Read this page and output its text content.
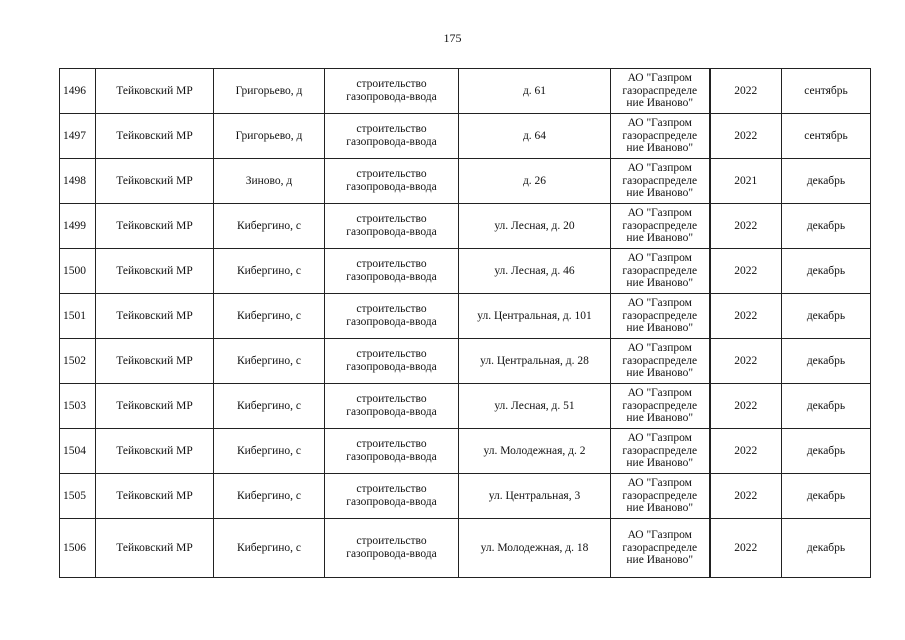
175
1496	Тейковский МР	Григорьево, д	строительство
газопровода-ввода	д. 61	АО "Газпром
газораспределе
ние Иваново"	2022	сентябрь
1497	Тейковский МР	Григорьево, д	строительство
газопровода-ввода	д. 64	АО "Газпром
газораспределе
ние Иваново"	2022	сентябрь
1498	Тейковский МР	Зиново, д	строительство
газопровода-ввода	д. 26	АО "Газпром
газораспределе
ние Иваново"	2021	декабрь
1499	Тейковский МР	Кибергино, с	строительство
газопровода-ввода	ул. Лесная, д. 20	АО "Газпром
газораспределе
ние Иваново"	2022	декабрь
1500	Тейковский МР	Кибергино, с	строительство
газопровода-ввода	ул. Лесная, д. 46	АО "Газпром
газораспределе
ние Иваново"	2022	декабрь
1501	Тейковский МР	Кибергино, с	строительство
газопровода-ввода	ул. Центральная, д. 101	АО "Газпром
газораспределе
ние Иваново"	2022	декабрь
1502	Тейковский МР	Кибергино, с	строительство
газопровода-ввода	ул. Центральная, д. 28	АО "Газпром
газораспределе
ние Иваново"	2022	декабрь
1503	Тейковский МР	Кибергино, с	строительство
газопровода-ввода	ул. Лесная, д. 51	АО "Газпром
газораспределе
ние Иваново"	2022	декабрь
1504	Тейковский МР	Кибергино, с	строительство
газопровода-ввода	ул. Молодежная, д. 2	АО "Газпром
газораспределе
ние Иваново"	2022	декабрь
1505	Тейковский МР	Кибергино, с	строительство
газопровода-ввода	ул. Центральная, 3	АО "Газпром
газораспределе
ние Иваново"	2022	декабрь
1506	Тейковский МР	Кибергино, с	строительство
газопровода-ввода	ул. Молодежная, д. 18	АО "Газпром
газораспределе
ние Иваново"	2022	декабрь
